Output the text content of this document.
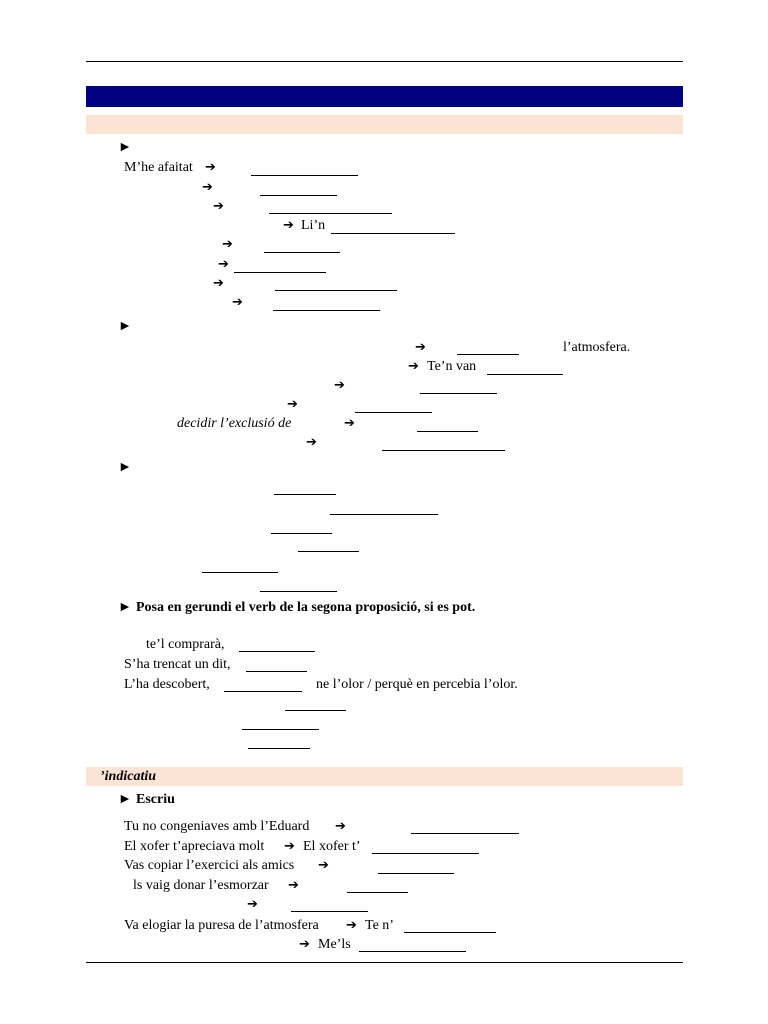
►
M’he afaitat ➔
➔
➔
➔ Li’n
➔
➔
➔
➔
►
➔	l’atmosfera.
➔ Te’n van
➔
➔
decidir l’exclusió de	➔
➔
►
► Posa en gerundi el verb de la segona proposició, si es pot.
te’l comprarà,
S’ha trencat un dit,
L’ha descobert,	ne l’olor / perquè en percebia l’olor.
’indicatiu
► Escriu
Tu no congeniaves amb l’Eduard ➔
El xofer t’apreciava molt ➔ El xofer t’
Vas copiar l’exercici als amics ➔
ls vaig donar l’esmorzar ➔
➔
Va elogiar la puresa de l’atmosfera ➔ Te n’
➔ Me’ls
